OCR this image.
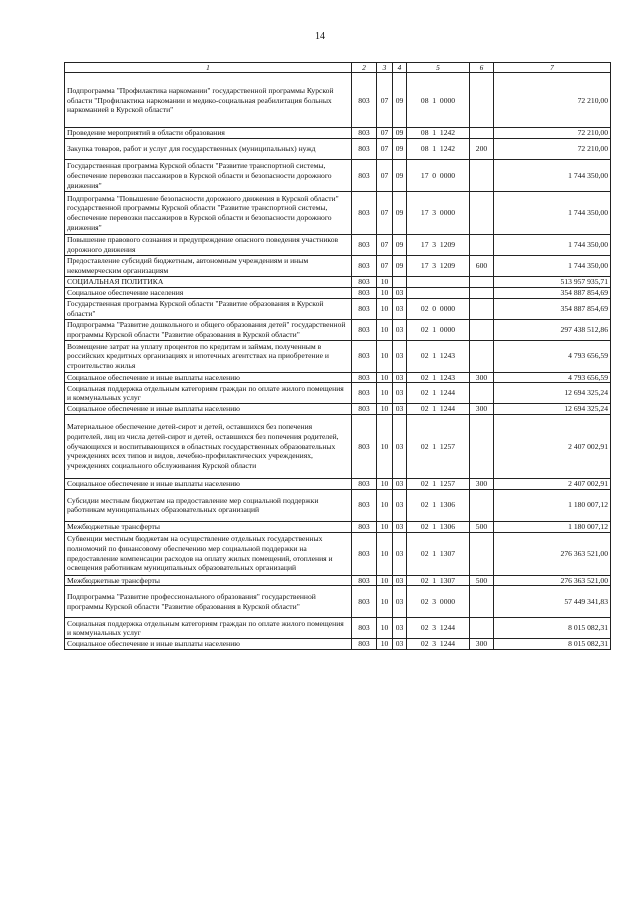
14
1	2	3	4	5	6	7
Подпрограмма "Профилактика наркомании" государственной программы Курской области "Профилактика наркомании и медико-социальная реабилитация больных наркоманией в Курской области"	803	07	09	08  1  0000		72 210,00
Проведение мероприятий в области образования	803	07	09	08  1  1242		72 210,00
Закупка товаров, работ и услуг для государственных (муниципальных) нужд	803	07	09	08  1  1242	200	72 210,00
Государственная программа Курской области "Развитие транспортной системы, обеспечение перевозки пассажиров в Курской области и безопасности дорожного движения"	803	07	09	17  0  0000		1 744 350,00
Подпрограмма "Повышение безопасности дорожного движения в Курской области" государственной программы Курской области "Развитие транспортной системы, обеспечение перевозки пассажиров в Курской области и безопасности дорожного движения"	803	07	09	17  3  0000		1 744 350,00
Повышение правового сознания и предупреждение опасного поведения участников дорожного движения	803	07	09	17  3  1209		1 744 350,00
Предоставление субсидий бюджетным, автономным учреждениям и иным некоммерческим организациям	803	07	09	17  3  1209	600	1 744 350,00
СОЦИАЛЬНАЯ ПОЛИТИКА	803	10				513 957 935,71
Социальное обеспечение населения	803	10	03			354 887 854,69
Государственная программа Курской области "Развитие образования в Курской области"	803	10	03	02  0  0000		354 887 854,69
Подпрограмма "Развитие дошкольного и общего образования детей" государственной программы Курской области "Развитие образования в Курской области"	803	10	03	02  1  0000		297 438 512,86
Возмещение затрат на уплату процентов по кредитам и займам, полученным в российских кредитных организациях и ипотечных агентствах на приобретение и строительство жилья	803	10	03	02  1  1243		4 793 656,59
Социальное обеспечение и иные выплаты населению	803	10	03	02  1  1243	300	4 793 656,59
Социальная поддержка отдельным категориям граждан по оплате жилого помещения и коммунальных услуг	803	10	03	02  1  1244		12 694 325,24
Социальное обеспечение и иные выплаты населению	803	10	03	02  1  1244	300	12 694 325,24
Материальное обеспечение детей-сирот и детей, оставшихся без попечения родителей, лиц из числа детей-сирот и детей, оставшихся без попечения родителей, обучающихся и воспитывающихся в областных государственных образовательных учреждениях всех типов и видов, лечебно-профилактических учреждениях, учреждениях социального обслуживания Курской области	803	10	03	02  1  1257		2 407 002,91
Социальное обеспечение и иные выплаты населению	803	10	03	02  1  1257	300	2 407 002,91
Субсидии местным бюджетам на предоставление мер социальной поддержки работникам муниципальных образовательных организаций	803	10	03	02  1  1306		1 180 007,12
Межбюджетные трансферты	803	10	03	02  1  1306	500	1 180 007,12
Субвенции местным бюджетам на осуществление отдельных государственных полномочий по финансовому обеспечению мер социальной поддержки на предоставление компенсации расходов на оплату жилых помещений, отопления и освещения работникам муниципальных образовательных организаций	803	10	03	02  1  1307		276 363 521,00
Межбюджетные трансферты	803	10	03	02  1  1307	500	276 363 521,00
Подпрограмма "Развитие профессионального образования" государственной программы Курской области "Развитие образования в Курской области"	803	10	03	02  3  0000		57 449 341,83
Социальная поддержка отдельным категориям граждан по оплате жилого помещения и коммунальных услуг	803	10	03	02  3  1244		8 015 082,31
Социальное обеспечение и иные выплаты населению	803	10	03	02  3  1244	300	8 015 082,31
